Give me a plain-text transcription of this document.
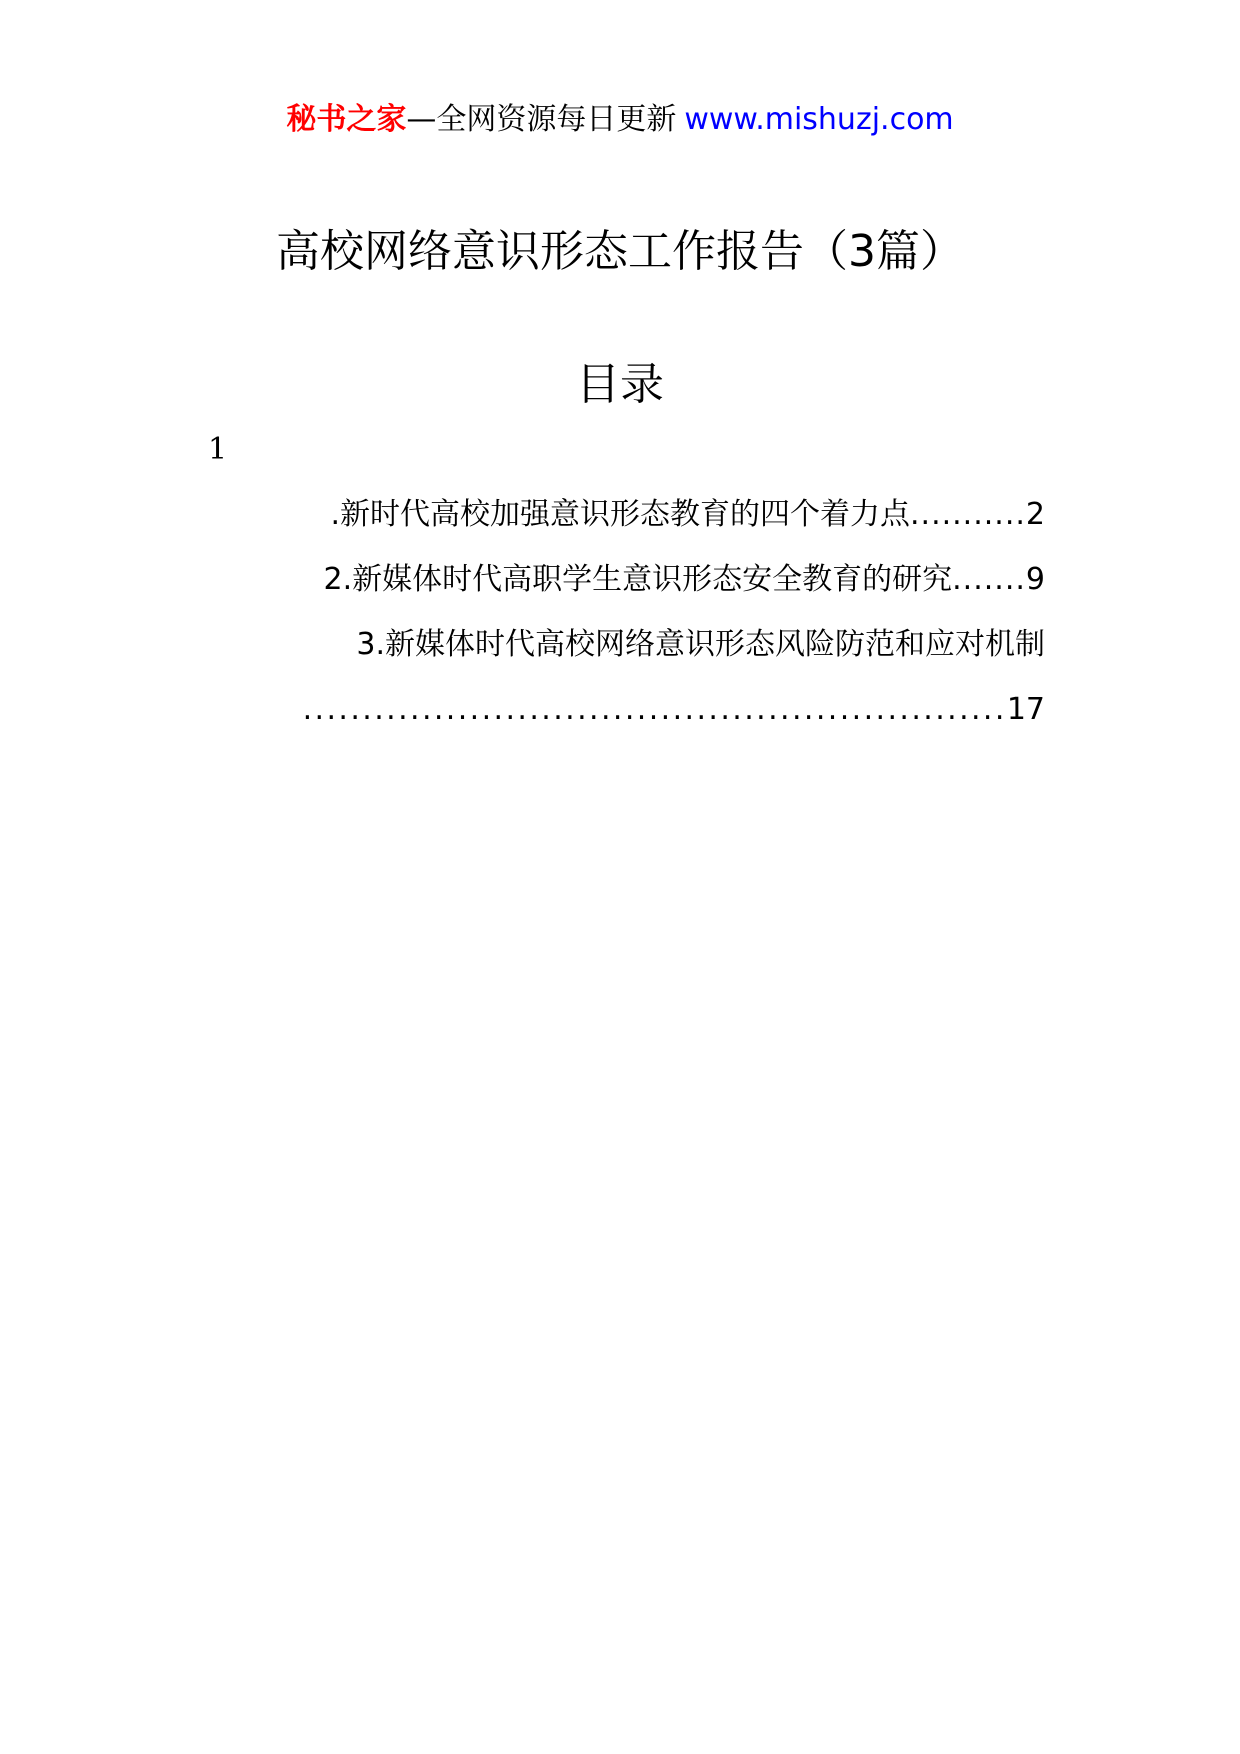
秘书之家—全网资源每日更新 www.mishuzj.com
高校网络意识形态工作报告（3篇）
目录
1
.新时代高校加强意识形态教育的四个着力点...........2
2.新媒体时代高职学生意识形态安全教育的研究.......9
3.新媒体时代高校网络意识形态风险防范和应对机制
...........................................................17
